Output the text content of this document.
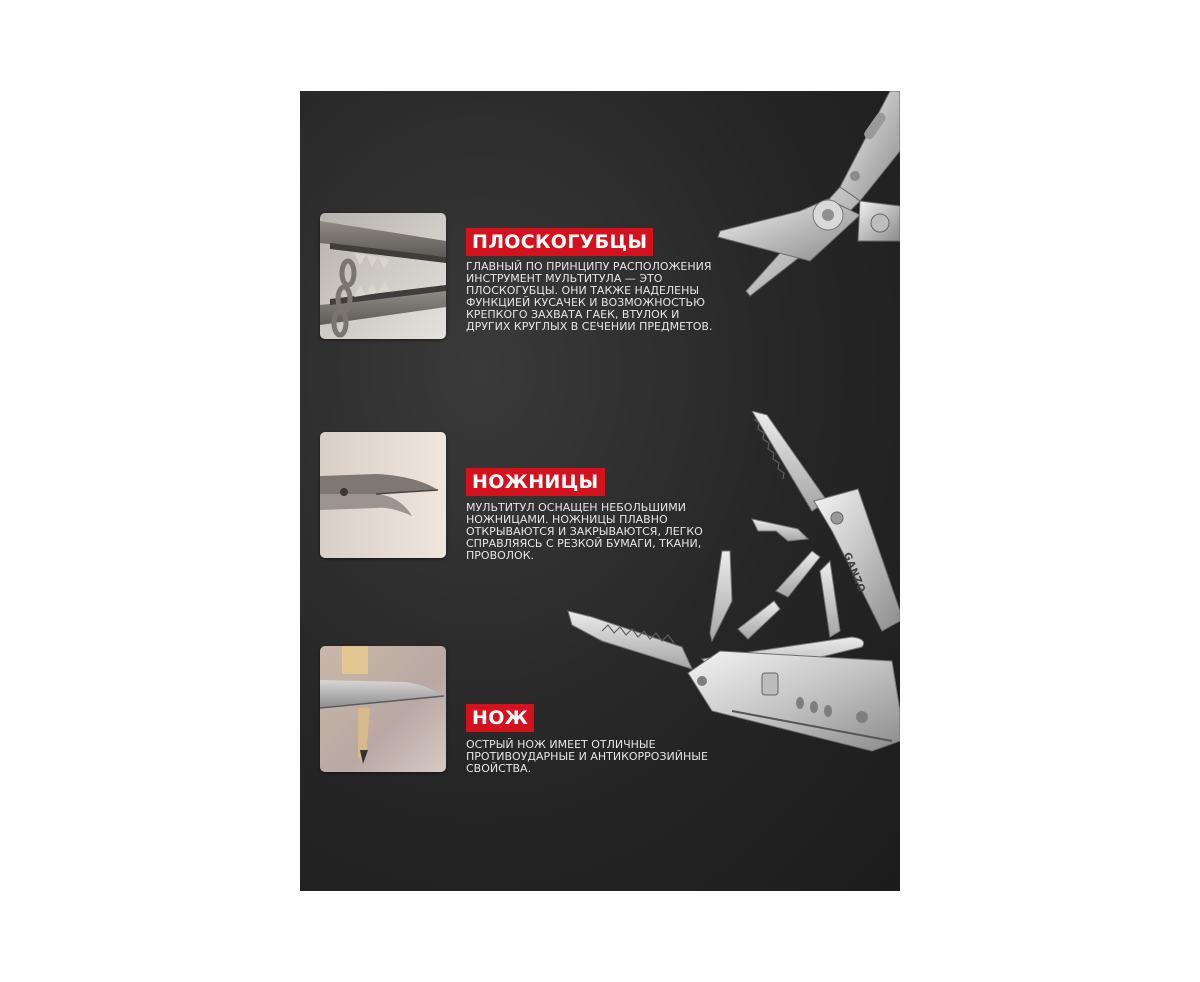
ПЛОСКОГУБЦЫ

ГЛАВНЫЙ ПО ПРИНЦИПУ РАСПОЛОЖЕНИЯ ИНСТРУМЕНТ МУЛЬТИТУЛА — ЭТО ПЛОСКОГУБЦЫ. ОНИ ТАКЖЕ НАДЕЛЕНЫ ФУНКЦИЕЙ КУСАЧЕК И ВОЗМОЖНОСТЬЮ КРЕПКОГО ЗАХВАТА ГАЕК, ВТУЛОК И ДРУГИХ КРУГЛЫХ В СЕЧЕНИИ ПРЕДМЕТОВ.

НОЖНИЦЫ

МУЛЬТИТУЛ ОСНАЩЕН НЕБОЛЬШИМИ НОЖНИЦАМИ. НОЖНИЦЫ ПЛАВНО ОТКРЫВАЮТСЯ И ЗАКРЫВАЮТСЯ, ЛЕГКО СПРАВЛЯЯСЬ С РЕЗКОЙ БУМАГИ, ТКАНИ, ПРОВОЛОК.

НОЖ

ОСТРЫЙ НОЖ ИМЕЕТ ОТЛИЧНЫЕ ПРОТИВОУДАРНЫЕ И АНТИКОРРОЗИЙНЫЕ СВОЙСТВА.

GANZO
